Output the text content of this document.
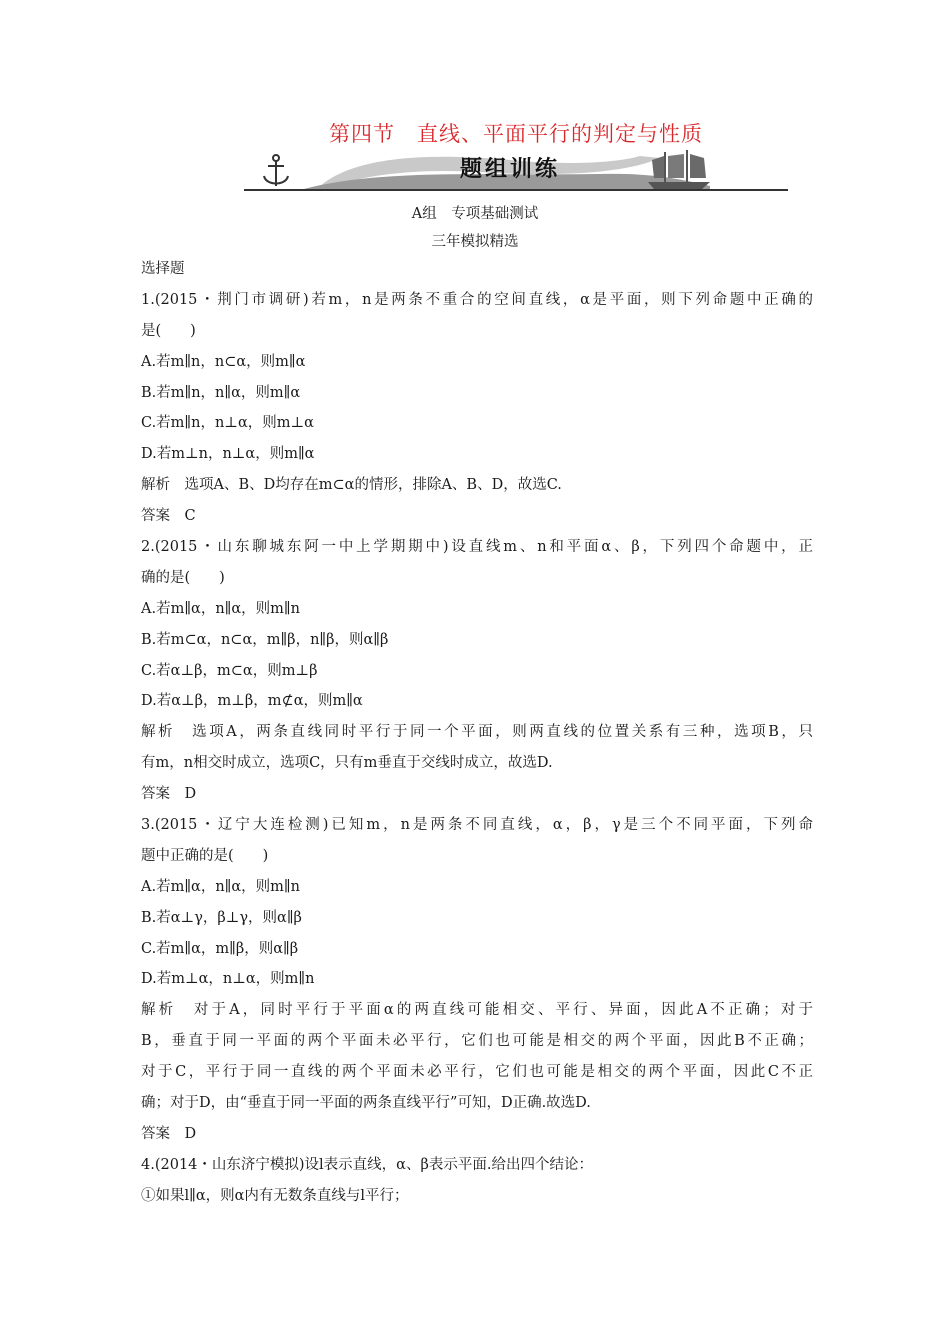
第四节　直线、平面平行的判定与性质
题组训练
A组　专项基础测试
三年模拟精选
选择题
1.(2015・荆门市调研)若m，n是两条不重合的空间直线，α是平面，则下列命题中正确的
是(　　)
A.若m∥n，n⊂α，则m∥α
B.若m∥n，n∥α，则m∥α
C.若m∥n，n⊥α，则m⊥α
D.若m⊥n，n⊥α，则m∥α
解析　选项A、B、D均存在m⊂α的情形，排除A、B、D，故选C.
答案　C
2.(2015・山东聊城东阿一中上学期期中)设直线m、n和平面α、β，下列四个命题中，正
确的是(　　)
A.若m∥α，n∥α，则m∥n
B.若m⊂α，n⊂α，m∥β，n∥β，则α∥β
C.若α⊥β，m⊂α，则m⊥β
D.若α⊥β，m⊥β，m⊄α，则m∥α
解析　选项A，两条直线同时平行于同一个平面，则两直线的位置关系有三种，选项B，只
有m，n相交时成立，选项C，只有m垂直于交线时成立，故选D.
答案　D
3.(2015・辽宁大连检测)已知m，n是两条不同直线，α，β，γ是三个不同平面，下列命
题中正确的是(　　)
A.若m∥α，n∥α，则m∥n
B.若α⊥γ，β⊥γ，则α∥β
C.若m∥α，m∥β，则α∥β
D.若m⊥α，n⊥α，则m∥n
解析　对于A，同时平行于平面α的两直线可能相交、平行、异面，因此A不正确；对于
B，垂直于同一平面的两个平面未必平行，它们也可能是相交的两个平面，因此B不正确；
对于C，平行于同一直线的两个平面未必平行，它们也可能是相交的两个平面，因此C不正
确；对于D，由“垂直于同一平面的两条直线平行”可知，D正确.故选D.
答案　D
4.(2014・山东济宁模拟)设l表示直线，α、β表示平面.给出四个结论：
①如果l∥α，则α内有无数条直线与l平行；
